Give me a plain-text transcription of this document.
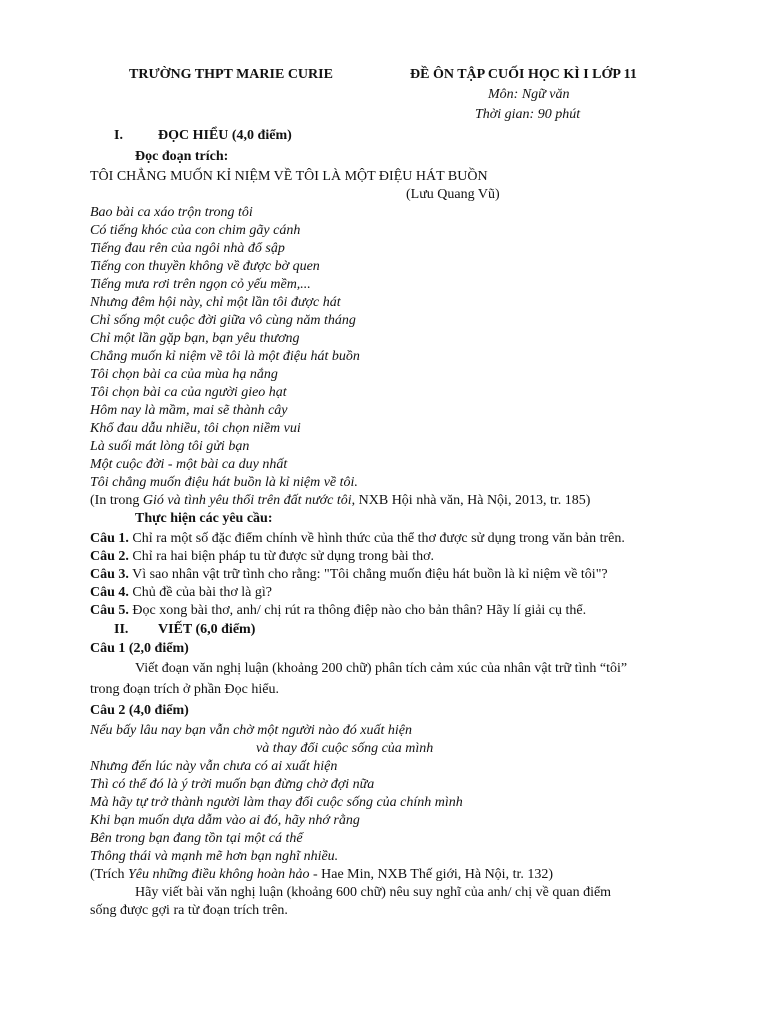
TRƯỜNG THPT MARIE CURIE	ĐỀ ÔN TẬP CUỐI HỌC KÌ I LỚP 11
Môn: Ngữ văn
Thời gian: 90 phút
I.	ĐỌC HIỂU (4,0 điểm)
Đọc đoạn trích:
TÔI CHẲNG MUỐN KỈ NIỆM VỀ TÔI LÀ MỘT ĐIỆU HÁT BUỒN
(Lưu Quang Vũ)
Bao bài ca xáo trộn trong tôi
Có tiếng khóc của con chim gãy cánh
Tiếng đau rên của ngôi nhà đổ sập
Tiếng con thuyền không về được bờ quen
Tiếng mưa rơi trên ngọn cỏ yếu mềm,...
Nhưng đêm hội này, chỉ một lần tôi được hát
Chỉ sống một cuộc đời giữa vô cùng năm tháng
Chỉ một lần gặp bạn, bạn yêu thương
Chẳng muốn kỉ niệm về tôi là một điệu hát buồn
Tôi chọn bài ca của mùa hạ nắng
Tôi chọn bài ca của người gieo hạt
Hôm nay là mầm, mai sẽ thành cây
Khổ đau dẫu nhiều, tôi chọn niềm vui
Là suối mát lòng tôi gửi bạn
Một cuộc đời - một bài ca duy nhất
Tôi chẳng muốn điệu hát buồn là kỉ niệm về tôi.
(In trong Gió và tình yêu thổi trên đất nước tôi, NXB Hội nhà văn, Hà Nội, 2013, tr. 185)
Thực hiện các yêu cầu:
Câu 1. Chỉ ra một số đặc điểm chính về hình thức của thể thơ được sử dụng trong văn bản trên.
Câu 2. Chỉ ra hai biện pháp tu từ được sử dụng trong bài thơ.
Câu 3. Vì sao nhân vật trữ tình cho rằng: "Tôi chẳng muốn điệu hát buồn là kỉ niệm về tôi"?
Câu 4. Chủ đề của bài thơ là gì?
Câu 5. Đọc xong bài thơ, anh/ chị rút ra thông điệp nào cho bản thân? Hãy lí giải cụ thể.
II. VIẾT (6,0 điểm)
Câu 1 (2,0 điểm)
Viết đoạn văn nghị luận (khoảng 200 chữ) phân tích cảm xúc của nhân vật trữ tình “tôi”
trong đoạn trích ở phần Đọc hiểu.
Câu 2 (4,0 điểm)
Nếu bấy lâu nay bạn vẫn chờ một người nào đó xuất hiện
và thay đổi cuộc sống của mình
Nhưng đến lúc này vẫn chưa có ai xuất hiện
Thì có thể đó là ý trời muốn bạn đừng chờ đợi nữa
Mà hãy tự trở thành người làm thay đổi cuộc sống của chính mình
Khi bạn muốn dựa dẫm vào ai đó, hãy nhớ rằng
Bên trong bạn đang tồn tại một cá thể
Thông thái và mạnh mẽ hơn bạn nghĩ nhiều.
(Trích Yêu những điều không hoàn hảo - Hae Min, NXB Thế giới, Hà Nội, tr. 132)
Hãy viết bài văn nghị luận (khoảng 600 chữ) nêu suy nghĩ của anh/ chị về quan điểm
sống được gợi ra từ đoạn trích trên.
